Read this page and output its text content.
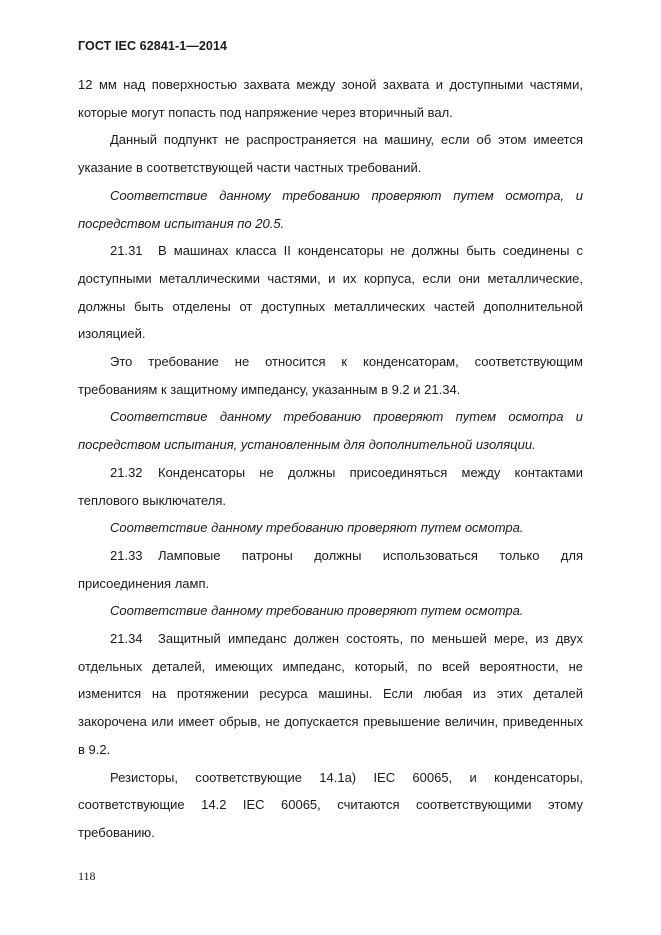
ГОСТ IEC 62841-1—2014

12 мм над поверхностью захвата между зоной захвата и доступными частями, которые могут попасть под напряжение через вторичный вал.

Данный подпункт не распространяется на машину, если об этом имеется указание в соответствующей части частных требований.

Соответствие данному требованию проверяют путем осмотра, и посредством испытания по 20.5.

21.31 В машинах класса II конденсаторы не должны быть соединены с доступными металлическими частями, и их корпуса, если они металлические, должны быть отделены от доступных металлических частей дополнительной изоляцией.

Это требование не относится к конденсаторам, соответствующим требованиям к защитному импедансу, указанным в 9.2 и 21.34.

Соответствие данному требованию проверяют путем осмотра и посредством испытания, установленным для дополнительной изоляции.

21.32 Конденсаторы не должны присоединяться между контактами теплового выключателя.

Соответствие данному требованию проверяют путем осмотра.

21.33 Ламповые патроны должны использоваться только для присоединения ламп.

Соответствие данному требованию проверяют путем осмотра.

21.34 Защитный импеданс должен состоять, по меньшей мере, из двух отдельных деталей, имеющих импеданс, который, по всей вероятности, не изменится на протяжении ресурса машины. Если любая из этих деталей закорочена или имеет обрыв, не допускается превышение величин, приведенных в 9.2.

Резисторы, соответствующие 14.1a) IEC 60065, и конденсаторы, соответствующие 14.2 IEC 60065, считаются соответствующими этому требованию.

118
